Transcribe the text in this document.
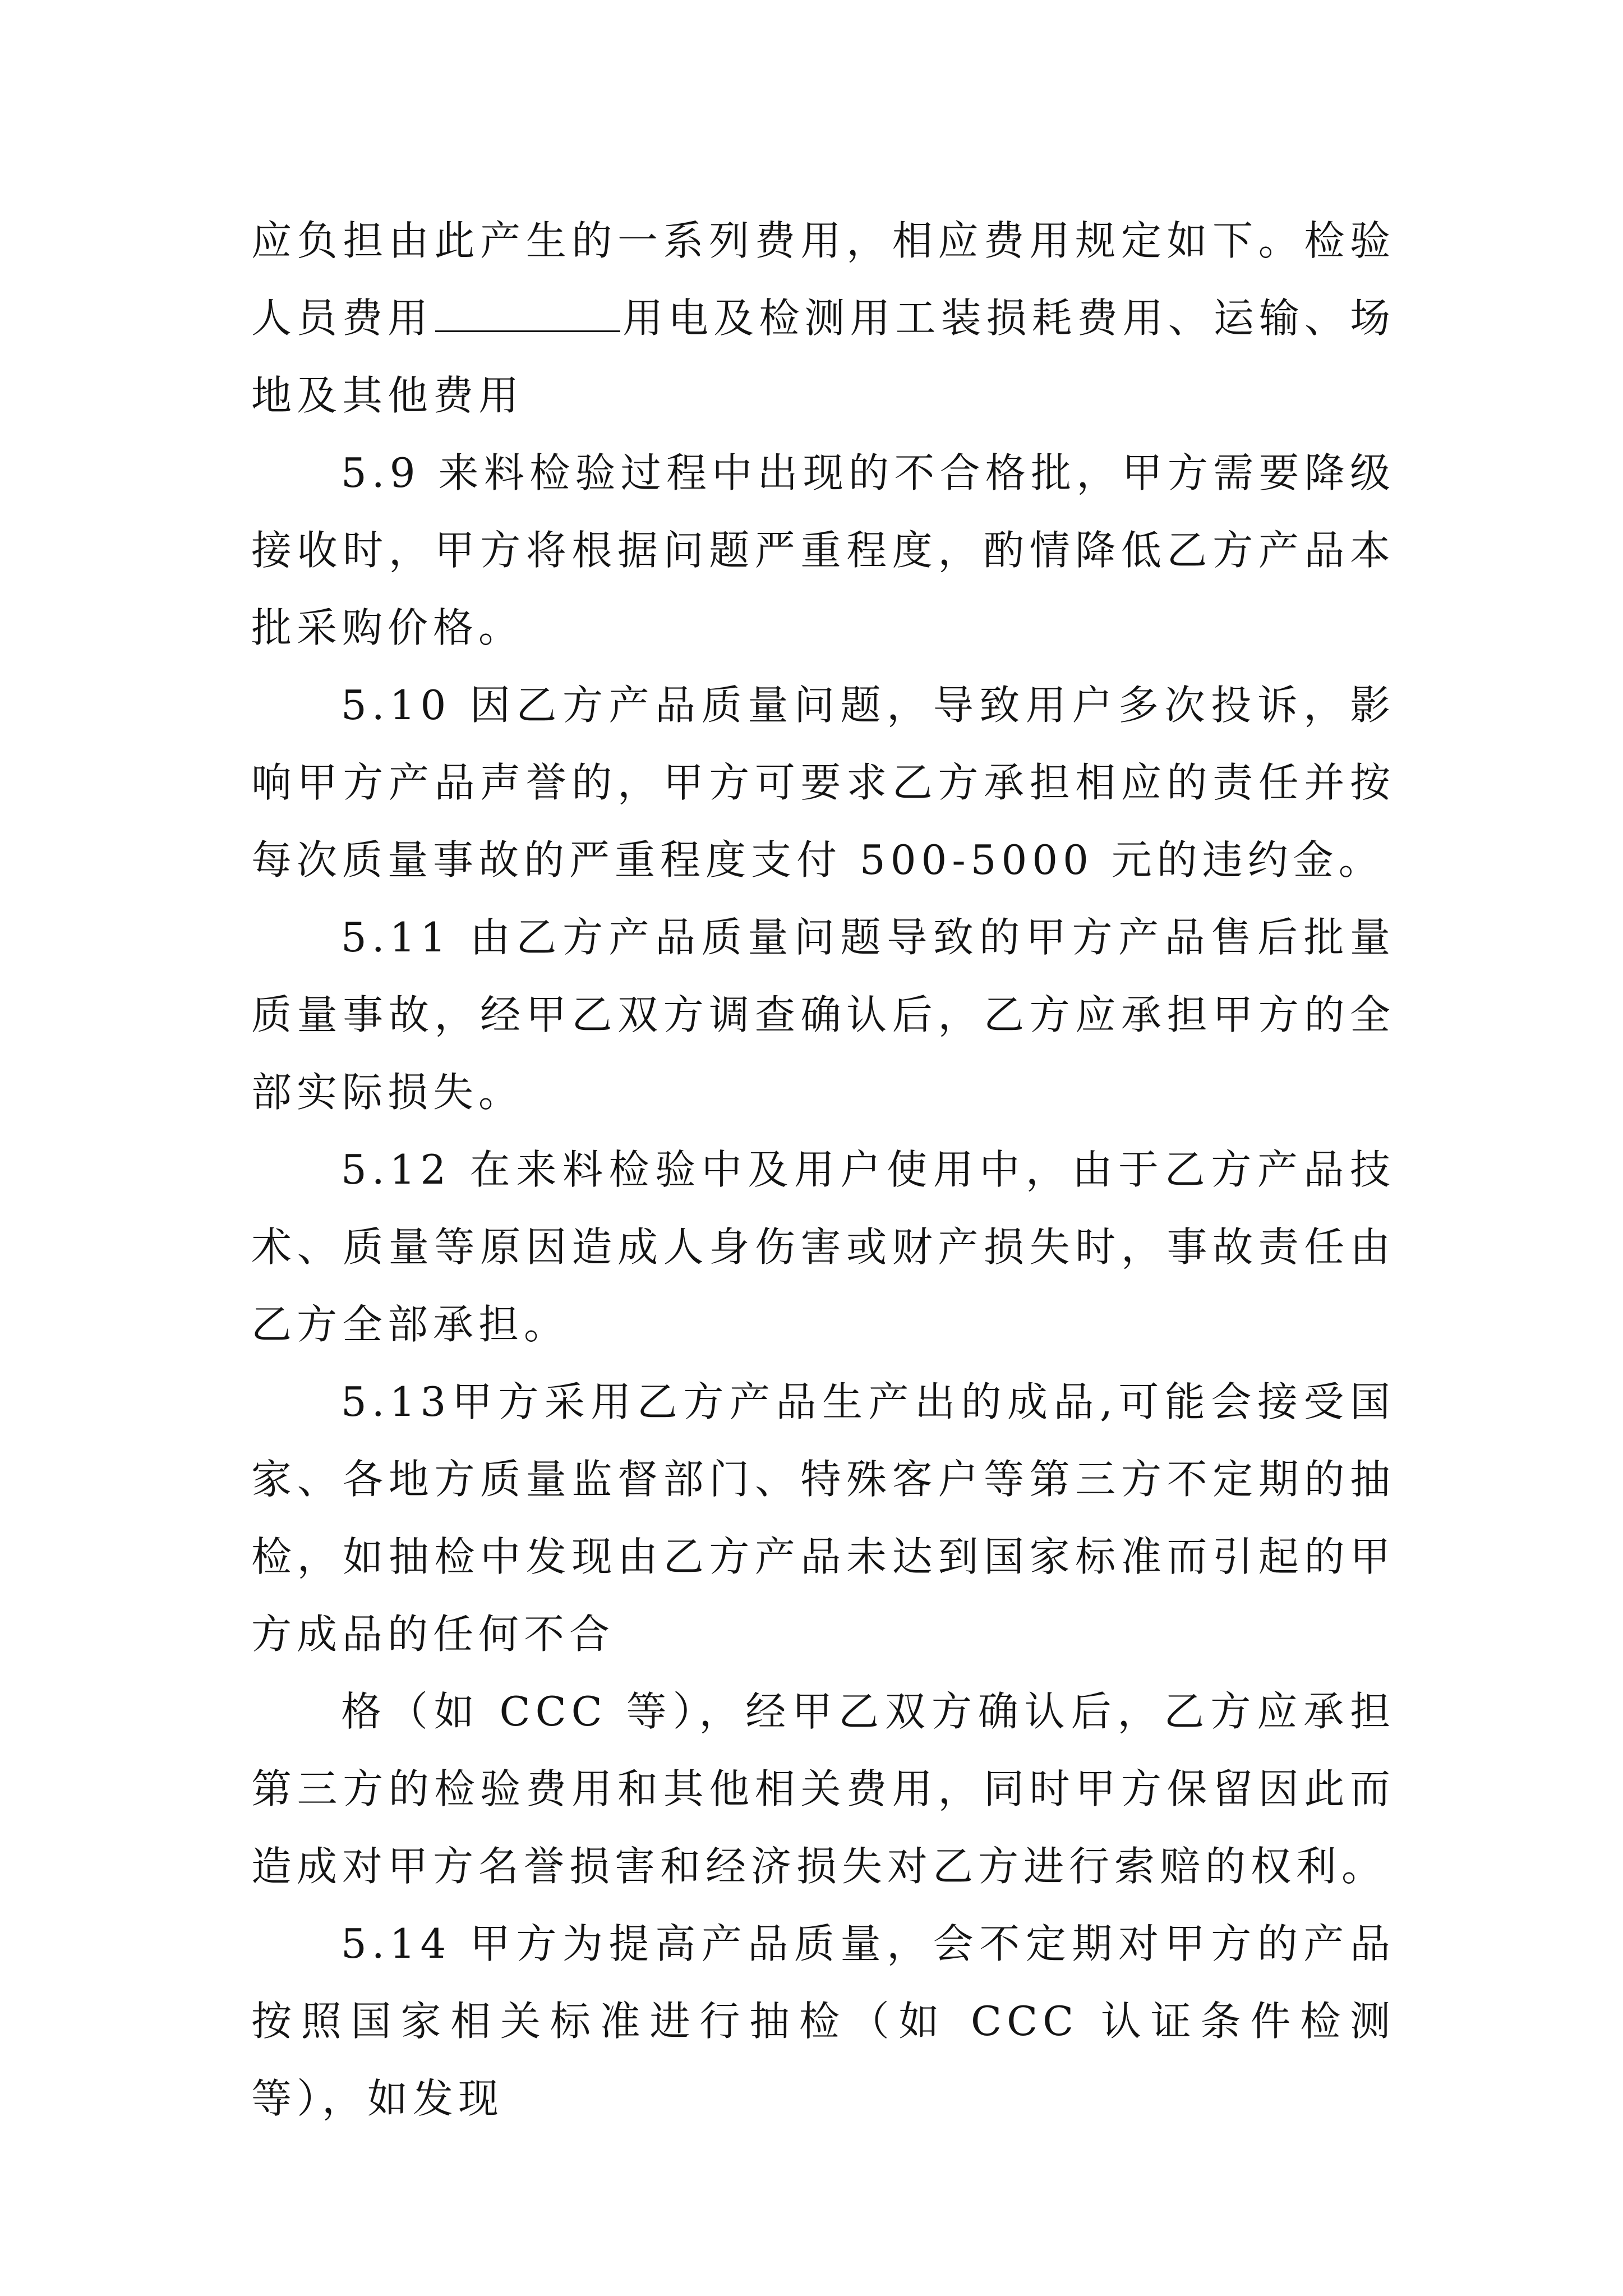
应负担由此产生的一系列费用，相应费用规定如下。检验人员费用	用电及检测用工装损耗费用、运输、场地及其他费用

5.9 来料检验过程中出现的不合格批，甲方需要降级接收时，甲方将根据问题严重程度，酌情降低乙方产品本批采购价格。

5.10 因乙方产品质量问题，导致用户多次投诉，影响甲方产品声誉的，甲方可要求乙方承担相应的责任并按每次质量事故的严重程度支付 500-5000 元的违约金。

5.11 由乙方产品质量问题导致的甲方产品售后批量质量事故，经甲乙双方调查确认后，乙方应承担甲方的全部实际损失。

5.12 在来料检验中及用户使用中，由于乙方产品技术、质量等原因造成人身伤害或财产损失时，事故责任由乙方全部承担。

5.13甲方采用乙方产品生产出的成品,可能会接受国家、各地方质量监督部门、特殊客户等第三方不定期的抽检，如抽检中发现由乙方产品未达到国家标准而引起的甲方成品的任何不合

格（如 CCC 等），经甲乙双方确认后，乙方应承担第三方的检验费用和其他相关费用，同时甲方保留因此而造成对甲方名誉损害和经济损失对乙方进行索赔的权利。

5.14 甲方为提高产品质量，会不定期对甲方的产品按照国家相关标准进行抽检（如 CCC 认证条件检测等），如发现
